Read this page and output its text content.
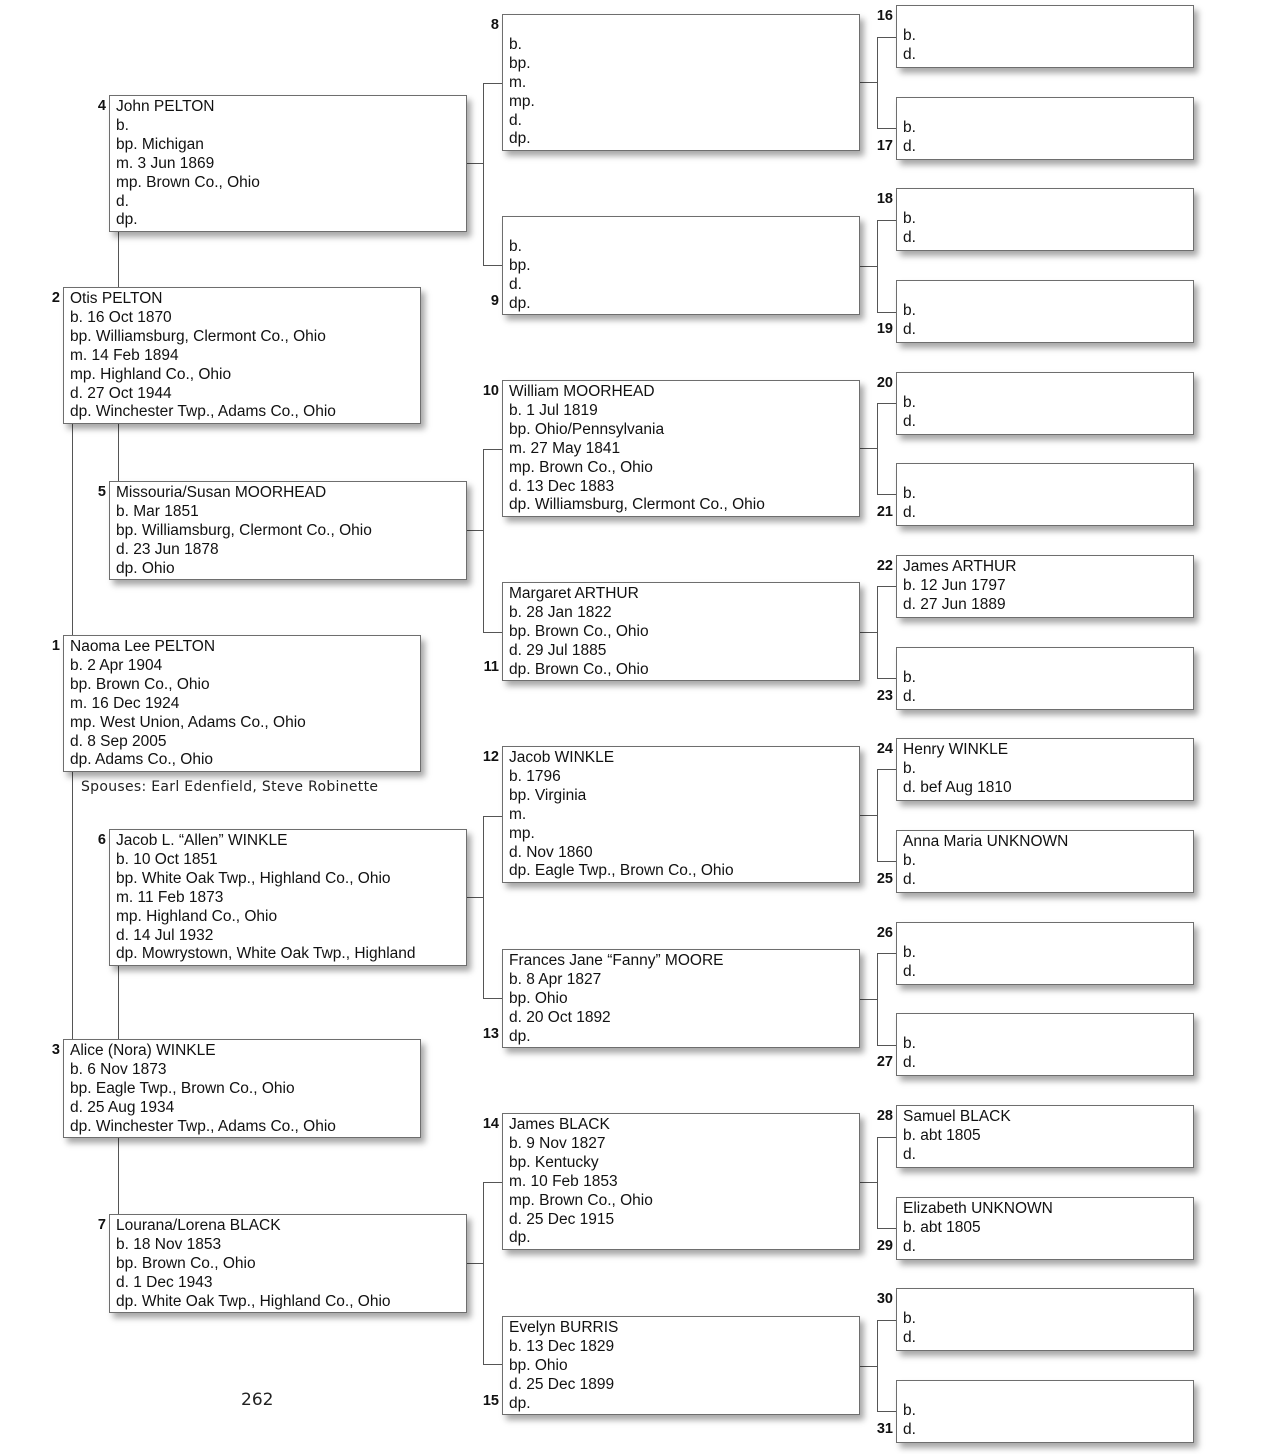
Naoma Lee PELTON
b. 2 Apr 1904
bp. Brown Co., Ohio
m. 16 Dec 1924
mp. West Union, Adams Co., Ohio
d. 8 Sep 2005
dp. Adams Co., Ohio
1
Otis PELTON
b. 16 Oct 1870
bp. Williamsburg, Clermont Co., Ohio
m. 14 Feb 1894
mp. Highland Co., Ohio
d. 27 Oct 1944
dp. Winchester Twp., Adams Co., Ohio
2
Alice (Nora) WINKLE
b. 6 Nov 1873
bp. Eagle Twp., Brown Co., Ohio
d. 25 Aug 1934
dp. Winchester Twp., Adams Co., Ohio
3
John PELTON
b.
bp. Michigan
m. 3 Jun 1869
mp. Brown Co., Ohio
d.
dp.
4
Missouria/Susan MOORHEAD
b. Mar 1851
bp. Williamsburg, Clermont Co., Ohio
d. 23 Jun 1878
dp. Ohio
5
Jacob L. “Allen” WINKLE
b. 10 Oct 1851
bp. White Oak Twp., Highland Co., Ohio
m. 11 Feb 1873
mp. Highland Co., Ohio
d. 14 Jul 1932
dp. Mowrystown, White Oak Twp., Highland
6
Lourana/Lorena BLACK
b. 18 Nov 1853
bp. Brown Co., Ohio
d. 1 Dec 1943
dp. White Oak Twp., Highland Co., Ohio
7
b.
bp.
m.
mp.
d.
dp.
8
b.
bp.
d.
dp.
9
William MOORHEAD
b. 1 Jul 1819
bp. Ohio/Pennsylvania
m. 27 May 1841
mp. Brown Co., Ohio
d. 13 Dec 1883
dp. Williamsburg, Clermont Co., Ohio
10
Margaret ARTHUR
b. 28 Jan 1822
bp. Brown Co., Ohio
d. 29 Jul 1885
dp. Brown Co., Ohio
11
Jacob WINKLE
b. 1796
bp. Virginia
m.
mp.
d. Nov 1860
dp. Eagle Twp., Brown Co., Ohio
12
Frances Jane “Fanny” MOORE
b. 8 Apr 1827
bp. Ohio
d. 20 Oct 1892
dp.
13
James BLACK
b. 9 Nov 1827
bp. Kentucky
m. 10 Feb 1853
mp. Brown Co., Ohio
d. 25 Dec 1915
dp.
14
Evelyn BURRIS
b. 13 Dec 1829
bp. Ohio
d. 25 Dec 1899
dp.
15
b.
d.
16
b.
d.
17
b.
d.
18
b.
d.
19
b.
d.
20
b.
d.
21
James ARTHUR
b. 12 Jun 1797
d. 27 Jun 1889
22
b.
d.
23
Henry WINKLE
b.
d. bef Aug 1810
24
Anna Maria UNKNOWN
b.
d.
25
b.
d.
26
b.
d.
27
Samuel BLACK
b. abt 1805
d.
28
Elizabeth UNKNOWN
b. abt 1805
d.
29
b.
d.
30
b.
d.
31
Spouses: Earl Edenfield, Steve Robinette
262
